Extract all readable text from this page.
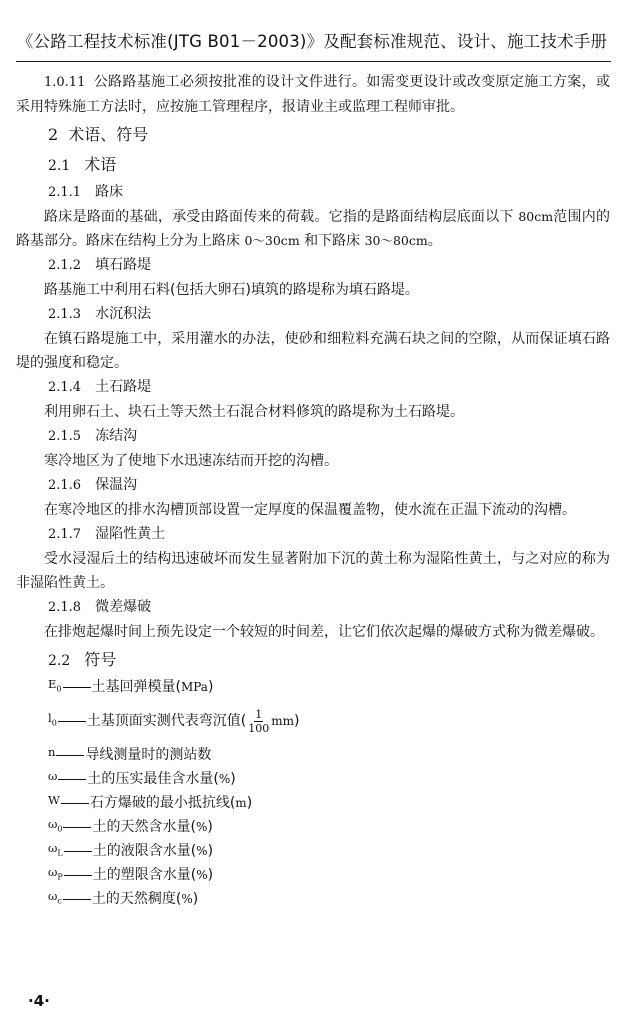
《公路工程技术标准(JTG B01－2003)》及配套标准规范、设计、施工技术手册

1.0.11 公路路基施工必须按批准的设计文件进行。如需变更设计或改变原定施工方案，或采用特殊施工方法时，应按施工管理程序，报请业主或监理工程师审批。

2 术语、符号
2.1 术语
2.1.1 路床

路床是路面的基础，承受由路面传来的荷载。它指的是路面结构层底面以下 80cm范围内的路基部分。路床在结构上分为上路床 0～30cm 和下路床 30～80cm。

2.1.2 填石路堤

路基施工中利用石料(包括大卵石)填筑的路堤称为填石路堤。

2.1.3 水沉积法

在镇石路堤施工中，采用灌水的办法，使砂和细粒料充满石块之间的空隙，从而保证填石路堤的强度和稳定。

2.1.4 土石路堤

利用卵石土、块石土等天然土石混合材料修筑的路堤称为土石路堤。

2.1.5 冻结沟

寒冷地区为了使地下水迅速冻结而开挖的沟槽。

2.1.6 保温沟

在寒冷地区的排水沟槽顶部设置一定厚度的保温覆盖物，使水流在正温下流动的沟槽。

2.1.7 湿陷性黄土

受水浸湿后土的结构迅速破坏而发生显著附加下沉的黄土称为湿陷性黄土，与之对应的称为非湿陷性黄土。

2.1.8 微差爆破

在排炮起爆时间上预先设定一个较短的时间差，让它们依次起爆的爆破方式称为微差爆破。

2.2 符号
$E_0$ 土基回弹模量( MPa )
$l_0$ 土基顶面实测代表弯沉值( $\frac{1}{100}$ mm )
n 导线测量时的测站数
ω 土的压实最佳含水量( % )
W 石方爆破的最小抵抗线( m )
$\omega_0$ 土的天然含水量( % )
$\omega_L$ 土的液限含水量( % )
$\omega_P$ 土的塑限含水量( % )
$\omega_c$ 土的天然稠度( % )
·4·
